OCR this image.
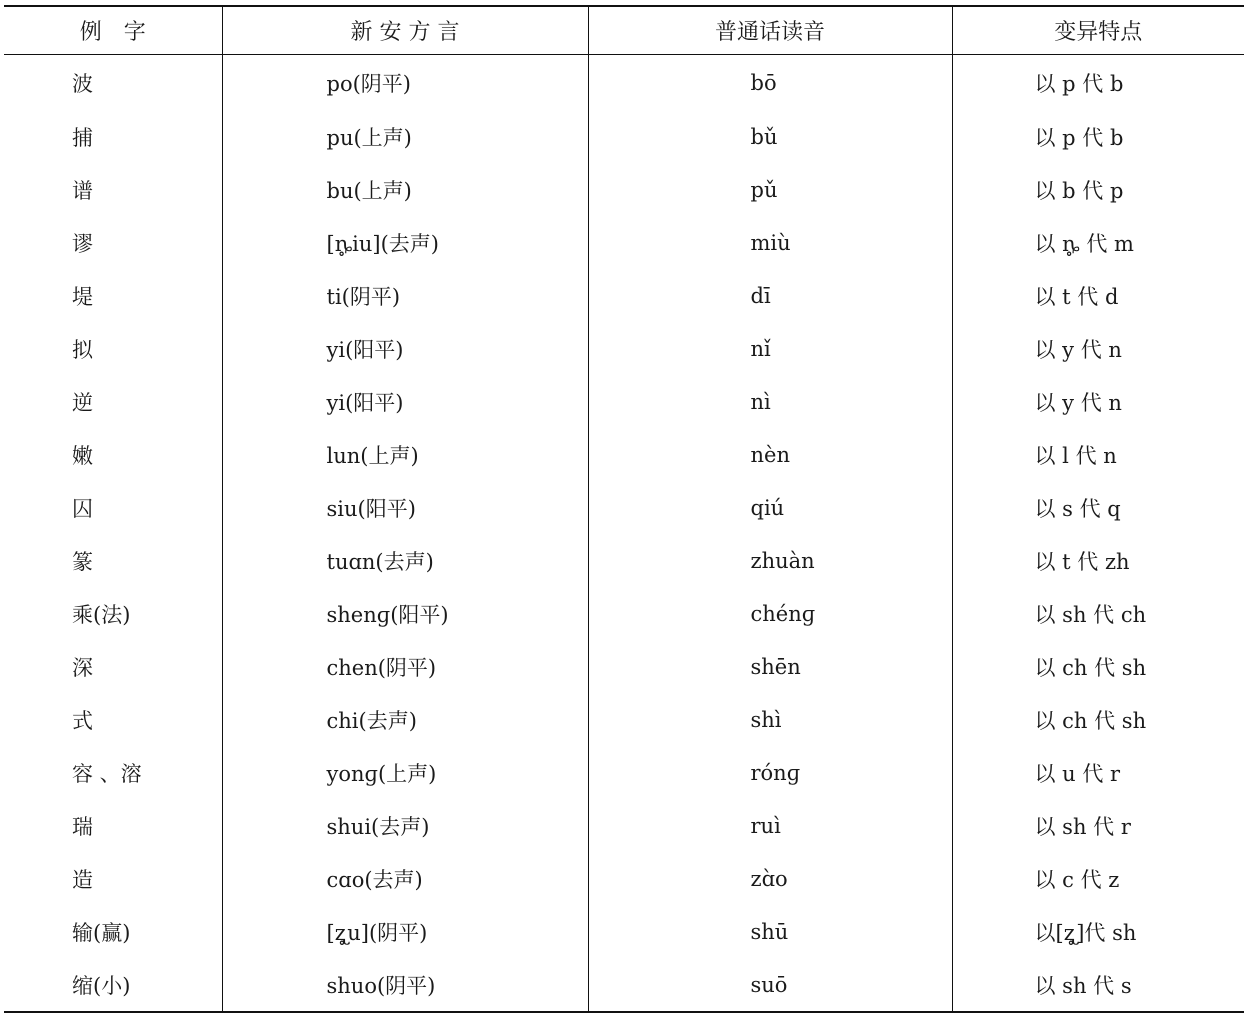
例　字	新 安 方 言	普通话读音	变异特点
波	po(阴平)	bō	以 p 代 b
捕	pu(上声)	bǔ	以 p 代 b
谱	bu(上声)	pǔ	以 b 代 p
谬	[ȵ̥iu](去声)	miù	以 ȵ̥ 代 m
堤	ti(阴平)	dī	以 t 代 d
拟	yi(阳平)	nǐ	以 y 代 n
逆	yi(阳平)	nì	以 y 代 n
嫩	lun(上声)	nèn	以 l 代 n
囚	siu(阳平)	qiú	以 s 代 q
篆	tuɑn(去声)	zhuàn	以 t 代 zh
乘(法)	shenɡ(阳平)	chénɡ	以 sh 代 ch
深	chen(阴平)	shēn	以 ch 代 sh
式	chi(去声)	shì	以 ch 代 sh
容 、溶	yonɡ(上声)	rónɡ	以 u 代 r
瑞	shui(去声)	ruì	以 sh 代 r
造	cɑo(去声)	zɑ̀o	以 c 代 z
输(赢)	[ʐ̥u](阴平)	shū	以[ʐ̥]代 sh
缩(小)	shuo(阴平)	suō	以 sh 代 s
